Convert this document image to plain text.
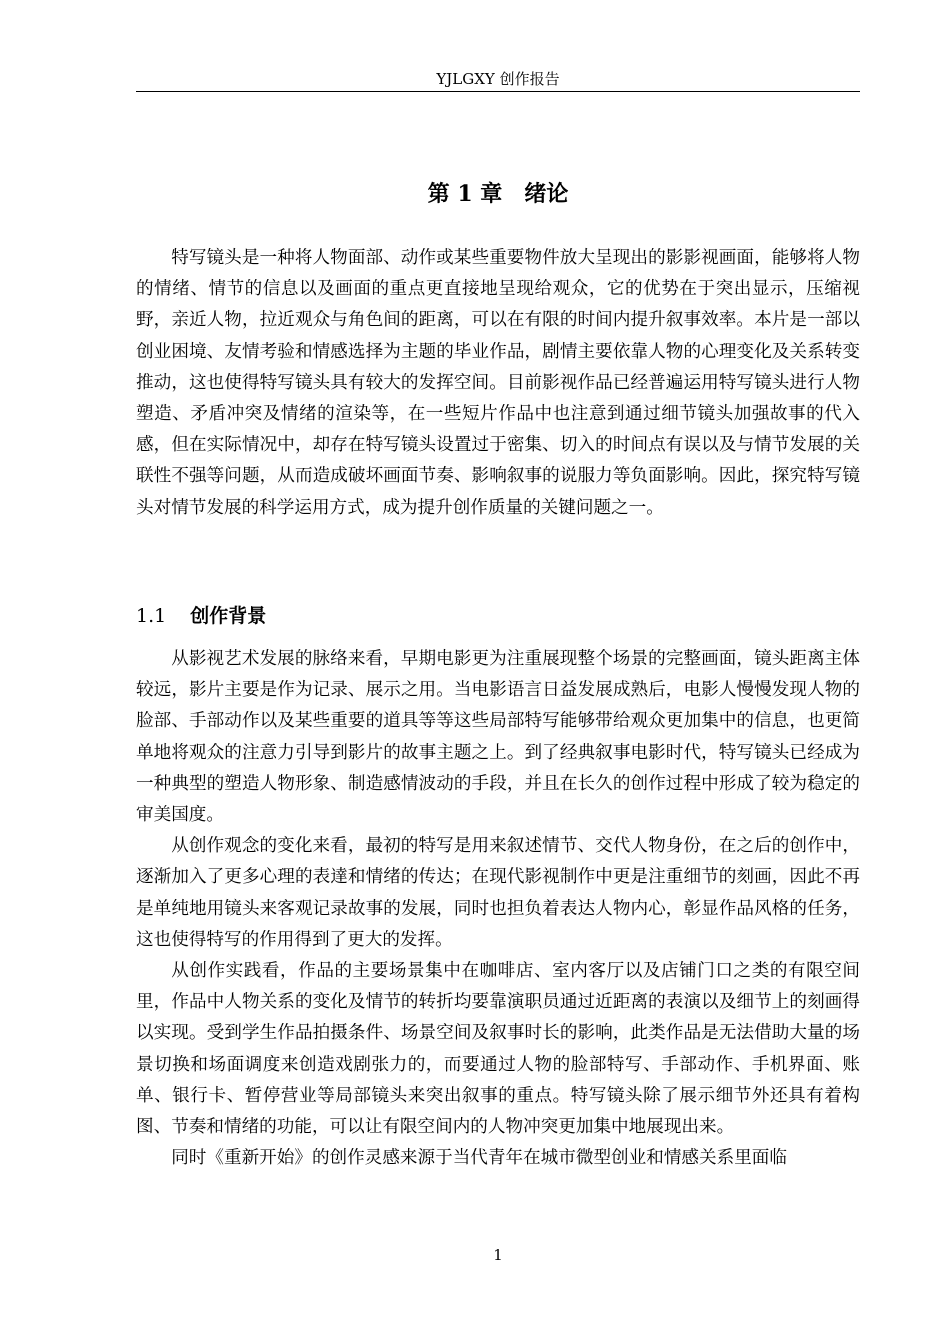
YJLGXY 创作报告
第 1 章 绪论

特写镜头是一种将人物面部、动作或某些重要物件放大呈现出的影影视画面，能够将人物的情绪、情节的信息以及画面的重点更直接地呈现给观众，它的优势在于突出显示，压缩视野，亲近人物，拉近观众与角色间的距离，可以在有限的时间内提升叙事效率。本片是一部以创业困境、友情考验和情感选择为主题的毕业作品，剧情主要依靠人物的心理变化及关系转变推动，这也使得特写镜头具有较大的发挥空间。目前影视作品已经普遍运用特写镜头进行人物塑造、矛盾冲突及情绪的渲染等，在一些短片作品中也注意到通过细节镜头加强故事的代入感，但在实际情况中，却存在特写镜头设置过于密集、切入的时间点有误以及与情节发展的关联性不强等问题，从而造成破坏画面节奏、影响叙事的说服力等负面影响。因此，探究特写镜头对情节发展的科学运用方式，成为提升创作质量的关键问题之一。

1.1 创作背景

从影视艺术发展的脉络来看，早期电影更为注重展现整个场景的完整画面，镜头距离主体较远，影片主要是作为记录、展示之用。当电影语言日益发展成熟后，电影人慢慢发现人物的脸部、手部动作以及某些重要的道具等等这些局部特写能够带给观众更加集中的信息，也更简单地将观众的注意力引导到影片的故事主题之上。到了经典叙事电影时代，特写镜头已经成为一种典型的塑造人物形象、制造感情波动的手段，并且在长久的创作过程中形成了较为稳定的审美国度。

从创作观念的变化来看，最初的特写是用来叙述情节、交代人物身份，在之后的创作中，逐渐加入了更多心理的表達和情绪的传达；在现代影视制作中更是注重细节的刻画，因此不再是单纯地用镜头来客观记录故事的发展，同时也担负着表达人物内心，彰显作品风格的任务，这也使得特写的作用得到了更大的发挥。

从创作实践看，作品的主要场景集中在咖啡店、室内客厅以及店铺门口之类的有限空间里，作品中人物关系的变化及情节的转折均要靠演职员通过近距离的表演以及细节上的刻画得以实现。受到学生作品拍摄条件、场景空间及叙事时长的影响，此类作品是无法借助大量的场景切换和场面调度来创造戏剧张力的，而要通过人物的脸部特写、手部动作、手机界面、账单、银行卡、暂停营业等局部镜头来突出叙事的重点。特写镜头除了展示细节外还具有着构图、节奏和情绪的功能，可以让有限空间内的人物冲突更加集中地展现出来。

同时《重新开始》的创作灵感来源于当代青年在城市微型创业和情感关系里面临

1
